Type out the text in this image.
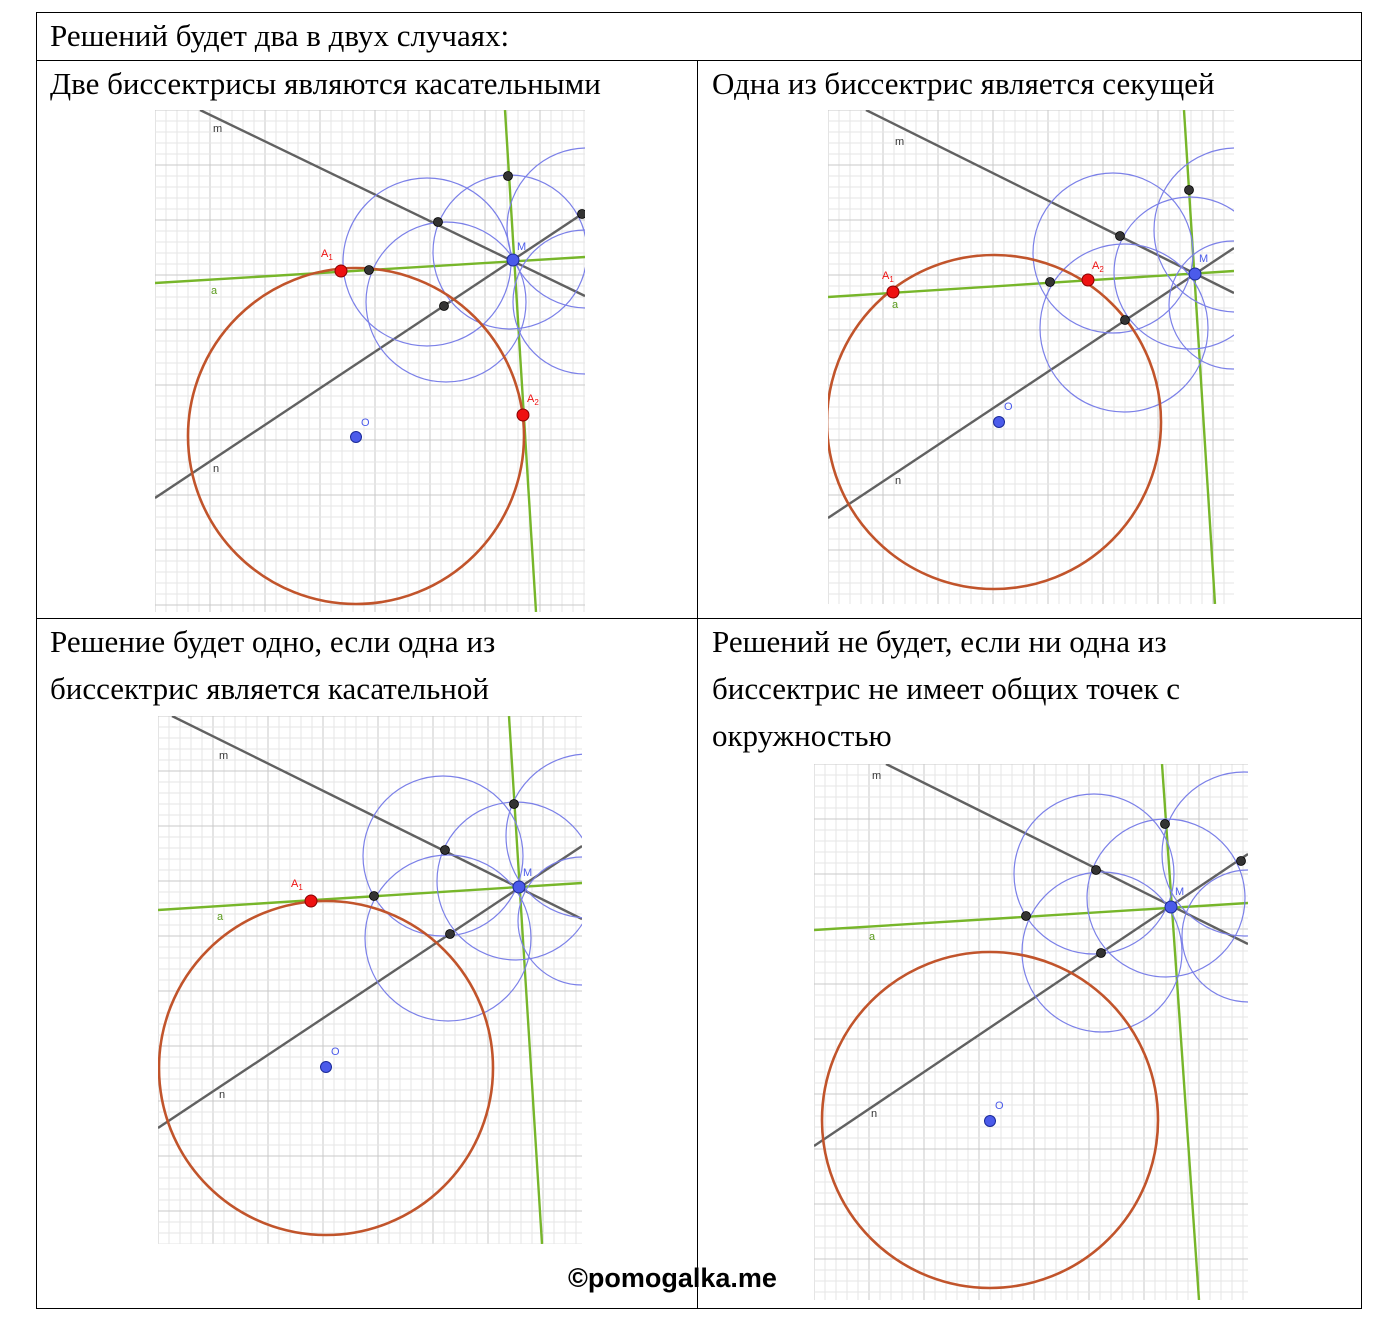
Решений будет два в двух случаях:
Две биссектрисы являются касательными	Одна из биссектрис является секущей
Решение будет одно, если одна из
биссектрис является касательной
Решений не будет, если ни одна из
биссектрис не имеет общих точек с
окружностью
m
n
a
M
O
$A_1$
$A_2$
m
n
a
M
O
$A_1$
$A_2$
m
n
a
M
O
$A_1$
m
n
a
M
O
©pomogalka.me
